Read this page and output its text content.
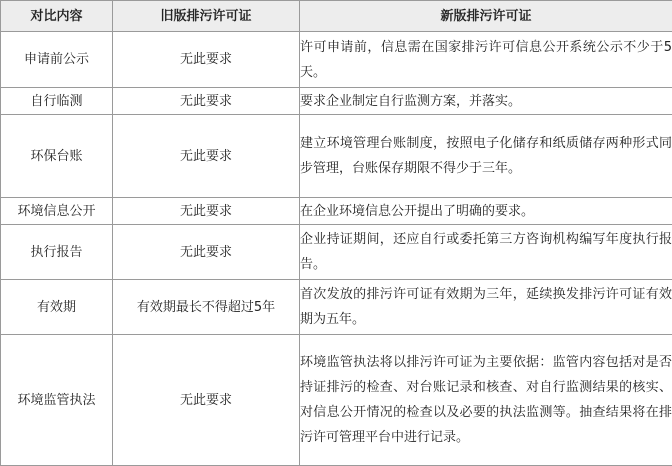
对比内容	旧版排污许可证	新版排污许可证
申请前公示	无此要求	许可申请前，信息需在国家排污许可信息公开系统公示不少于5天。
自行临测	无此要求	要求企业制定自行监测方案，并落实。
环保台账	无此要求	建立环境管理台账制度，按照电子化储存和纸质储存两种形式同步管理，台账保存期限不得少于三年。
环境信息公开	无此要求	在企业环境信息公开提出了明确的要求。
执行报告	无此要求	企业持证期间，还应自行或委托第三方咨询机构编写年度执行报告。
有效期	有效期最长不得超过5年	首次发放的排污许可证有效期为三年，延续换发排污许可证有效期为五年。
环境监管执法	无此要求	环境监管执法将以排污许可证为主要依据：监管内容包括对是否持证排污的检查、对台账记录和核查、对自行监测结果的核实、对信息公开情况的检查以及必要的执法监测等。抽查结果将在排污许可管理平台中进行记录。
